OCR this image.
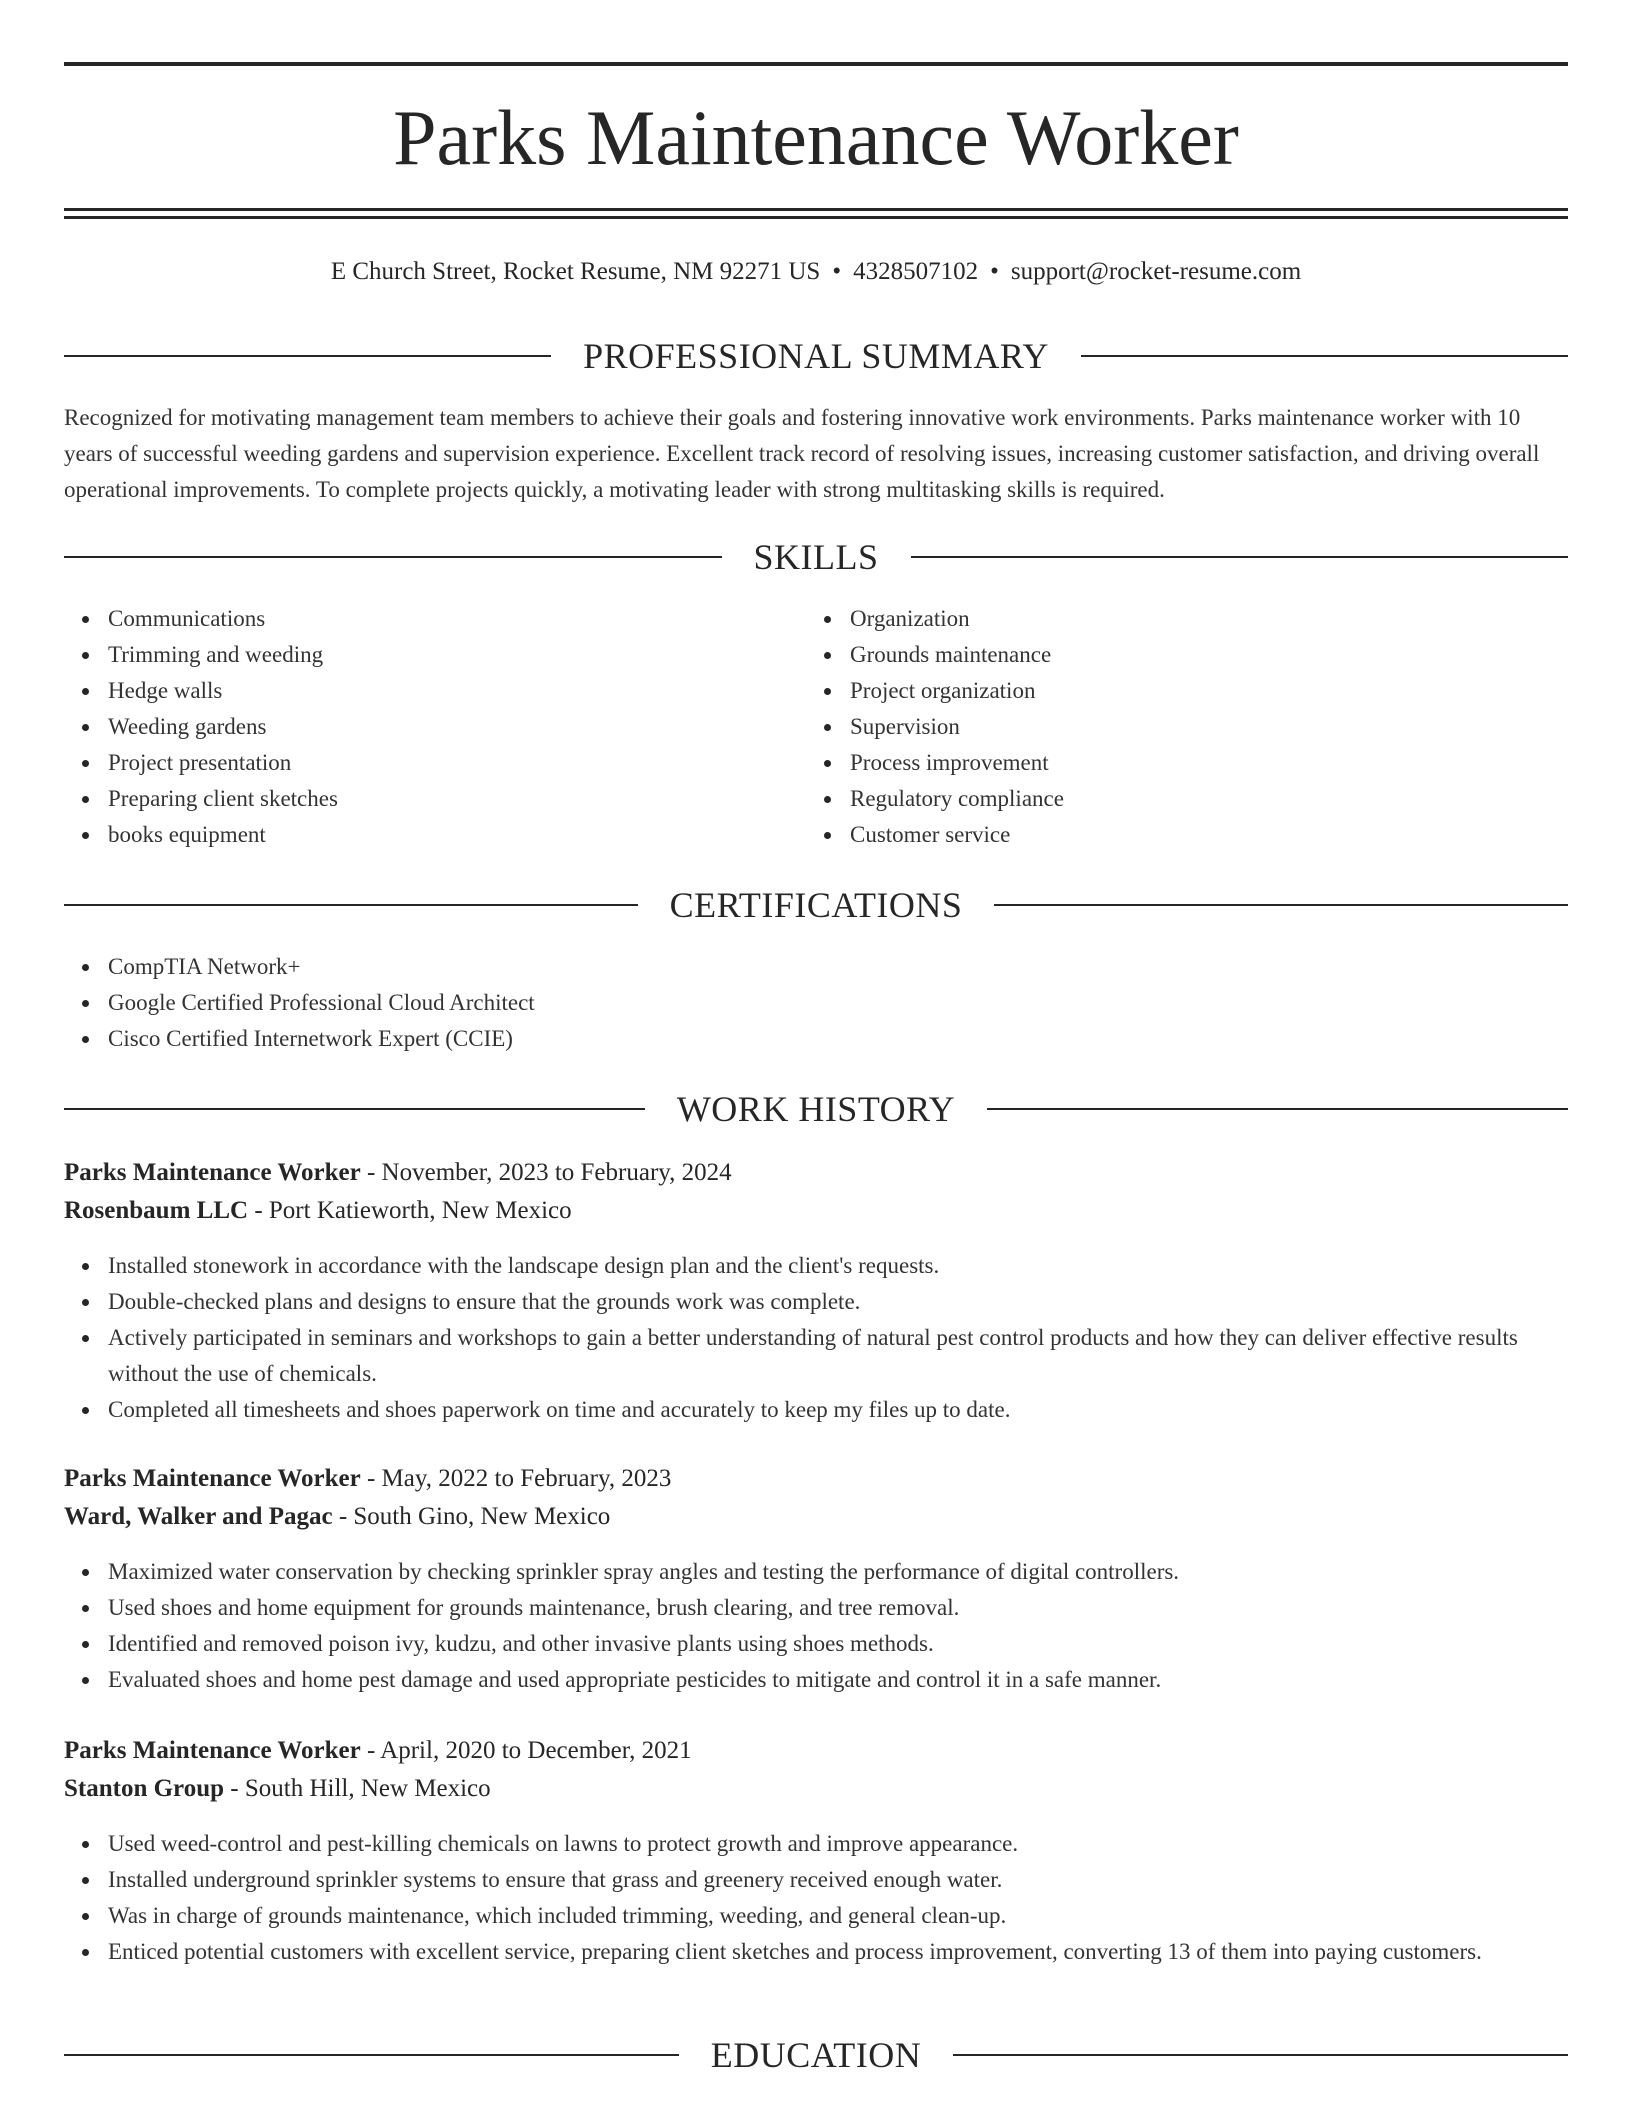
Parks Maintenance Worker
E Church Street, Rocket Resume, NM 92271 US • 4328507102 • support@rocket-resume.com
PROFESSIONAL SUMMARY

Recognized for motivating management team members to achieve their goals and fostering innovative work environments. Parks maintenance worker with 10 years of successful weeding gardens and supervision experience. Excellent track record of resolving issues, increasing customer satisfaction, and driving overall operational improvements. To complete projects quickly, a motivating leader with strong multitasking skills is required.

SKILLS
Communications
Trimming and weeding
Hedge walls
Weeding gardens
Project presentation
Preparing client sketches
books equipment
Organization
Grounds maintenance
Project organization
Supervision
Process improvement
Regulatory compliance
Customer service
CERTIFICATIONS
CompTIA Network+
Google Certified Professional Cloud Architect
Cisco Certified Internetwork Expert (CCIE)
WORK HISTORY
Parks Maintenance Worker - November, 2023 to February, 2024
Rosenbaum LLC - Port Katieworth, New Mexico
Installed stonework in accordance with the landscape design plan and the client's requests.
Double-checked plans and designs to ensure that the grounds work was complete.
Actively participated in seminars and workshops to gain a better understanding of natural pest control products and how they can deliver effective results without the use of chemicals.
Completed all timesheets and shoes paperwork on time and accurately to keep my files up to date.
Parks Maintenance Worker - May, 2022 to February, 2023
Ward, Walker and Pagac - South Gino, New Mexico
Maximized water conservation by checking sprinkler spray angles and testing the performance of digital controllers.
Used shoes and home equipment for grounds maintenance, brush clearing, and tree removal.
Identified and removed poison ivy, kudzu, and other invasive plants using shoes methods.
Evaluated shoes and home pest damage and used appropriate pesticides to mitigate and control it in a safe manner.
Parks Maintenance Worker - April, 2020 to December, 2021
Stanton Group - South Hill, New Mexico
Used weed-control and pest-killing chemicals on lawns to protect growth and improve appearance.
Installed underground sprinkler systems to ensure that grass and greenery received enough water.
Was in charge of grounds maintenance, which included trimming, weeding, and general clean-up.
Enticed potential customers with excellent service, preparing client sketches and process improvement, converting 13 of them into paying customers.
EDUCATION
